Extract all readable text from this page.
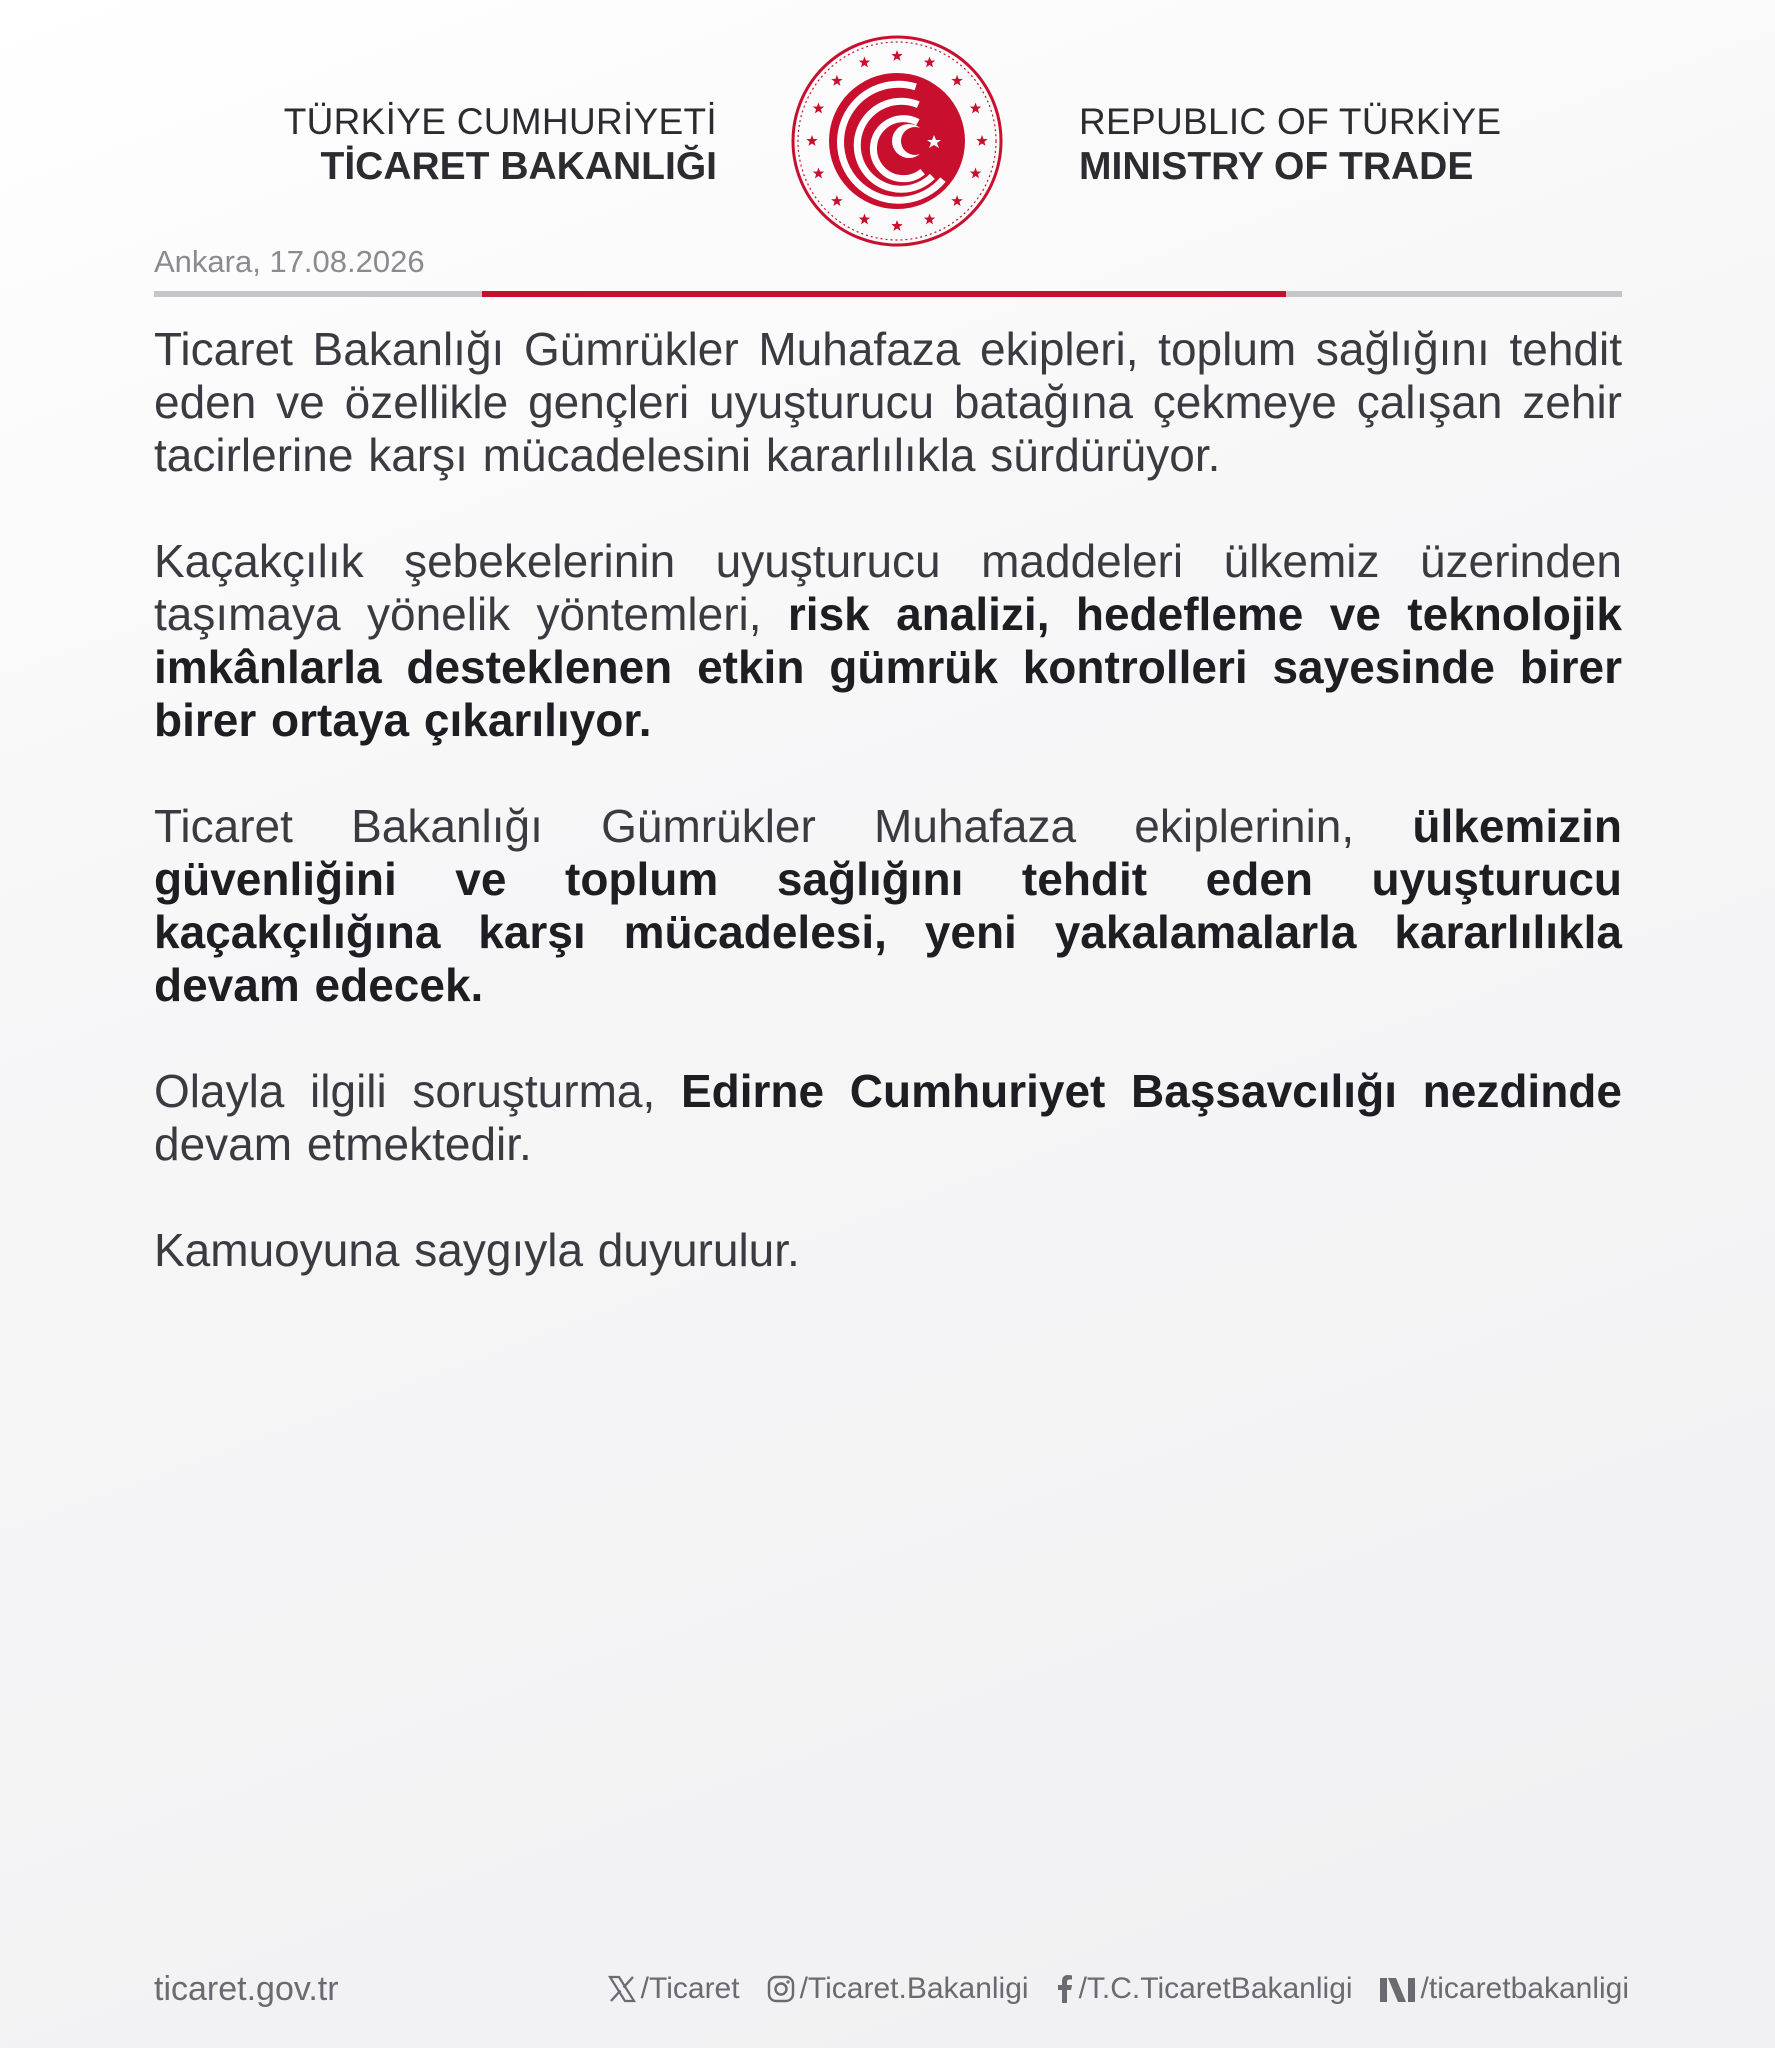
TÜRKİYE CUMHURİYETİ
TİCARET BAKANLIĞI
REPUBLIC OF TÜRKİYE
MINISTRY OF TRADE
Ankara, 17.08.2026

Ticaret Bakanlığı Gümrükler Muhafaza ekipleri, toplum sağlığını tehdit eden ve özellikle gençleri uyuşturucu batağına çekmeye çalışan zehir tacirlerine karşı mücadelesini kararlılıkla sürdürüyor.

Kaçakçılık şebekelerinin uyuşturucu maddeleri ülkemiz üzerinden taşımaya yönelik yöntemleri, risk analizi, hedefleme ve teknolojik imkânlarla desteklenen etkin gümrük kontrolleri sayesinde birer birer ortaya çıkarılıyor.

Ticaret Bakanlığı Gümrükler Muhafaza ekiplerinin, ülkemizin güvenliğini ve toplum sağlığını tehdit eden uyuşturucu kaçakçılığına karşı mücadelesi, yeni yakalamalarla kararlılıkla devam edecek.

Olayla ilgili soruşturma, Edirne Cumhuriyet Başsavcılığı nezdinde devam etmektedir.

Kamuoyuna saygıyla duyurulur.

ticaret.gov.tr	/Ticaret /Ticaret.Bakanligi /T.C.TicaretBakanligi /ticaretbakanligi
